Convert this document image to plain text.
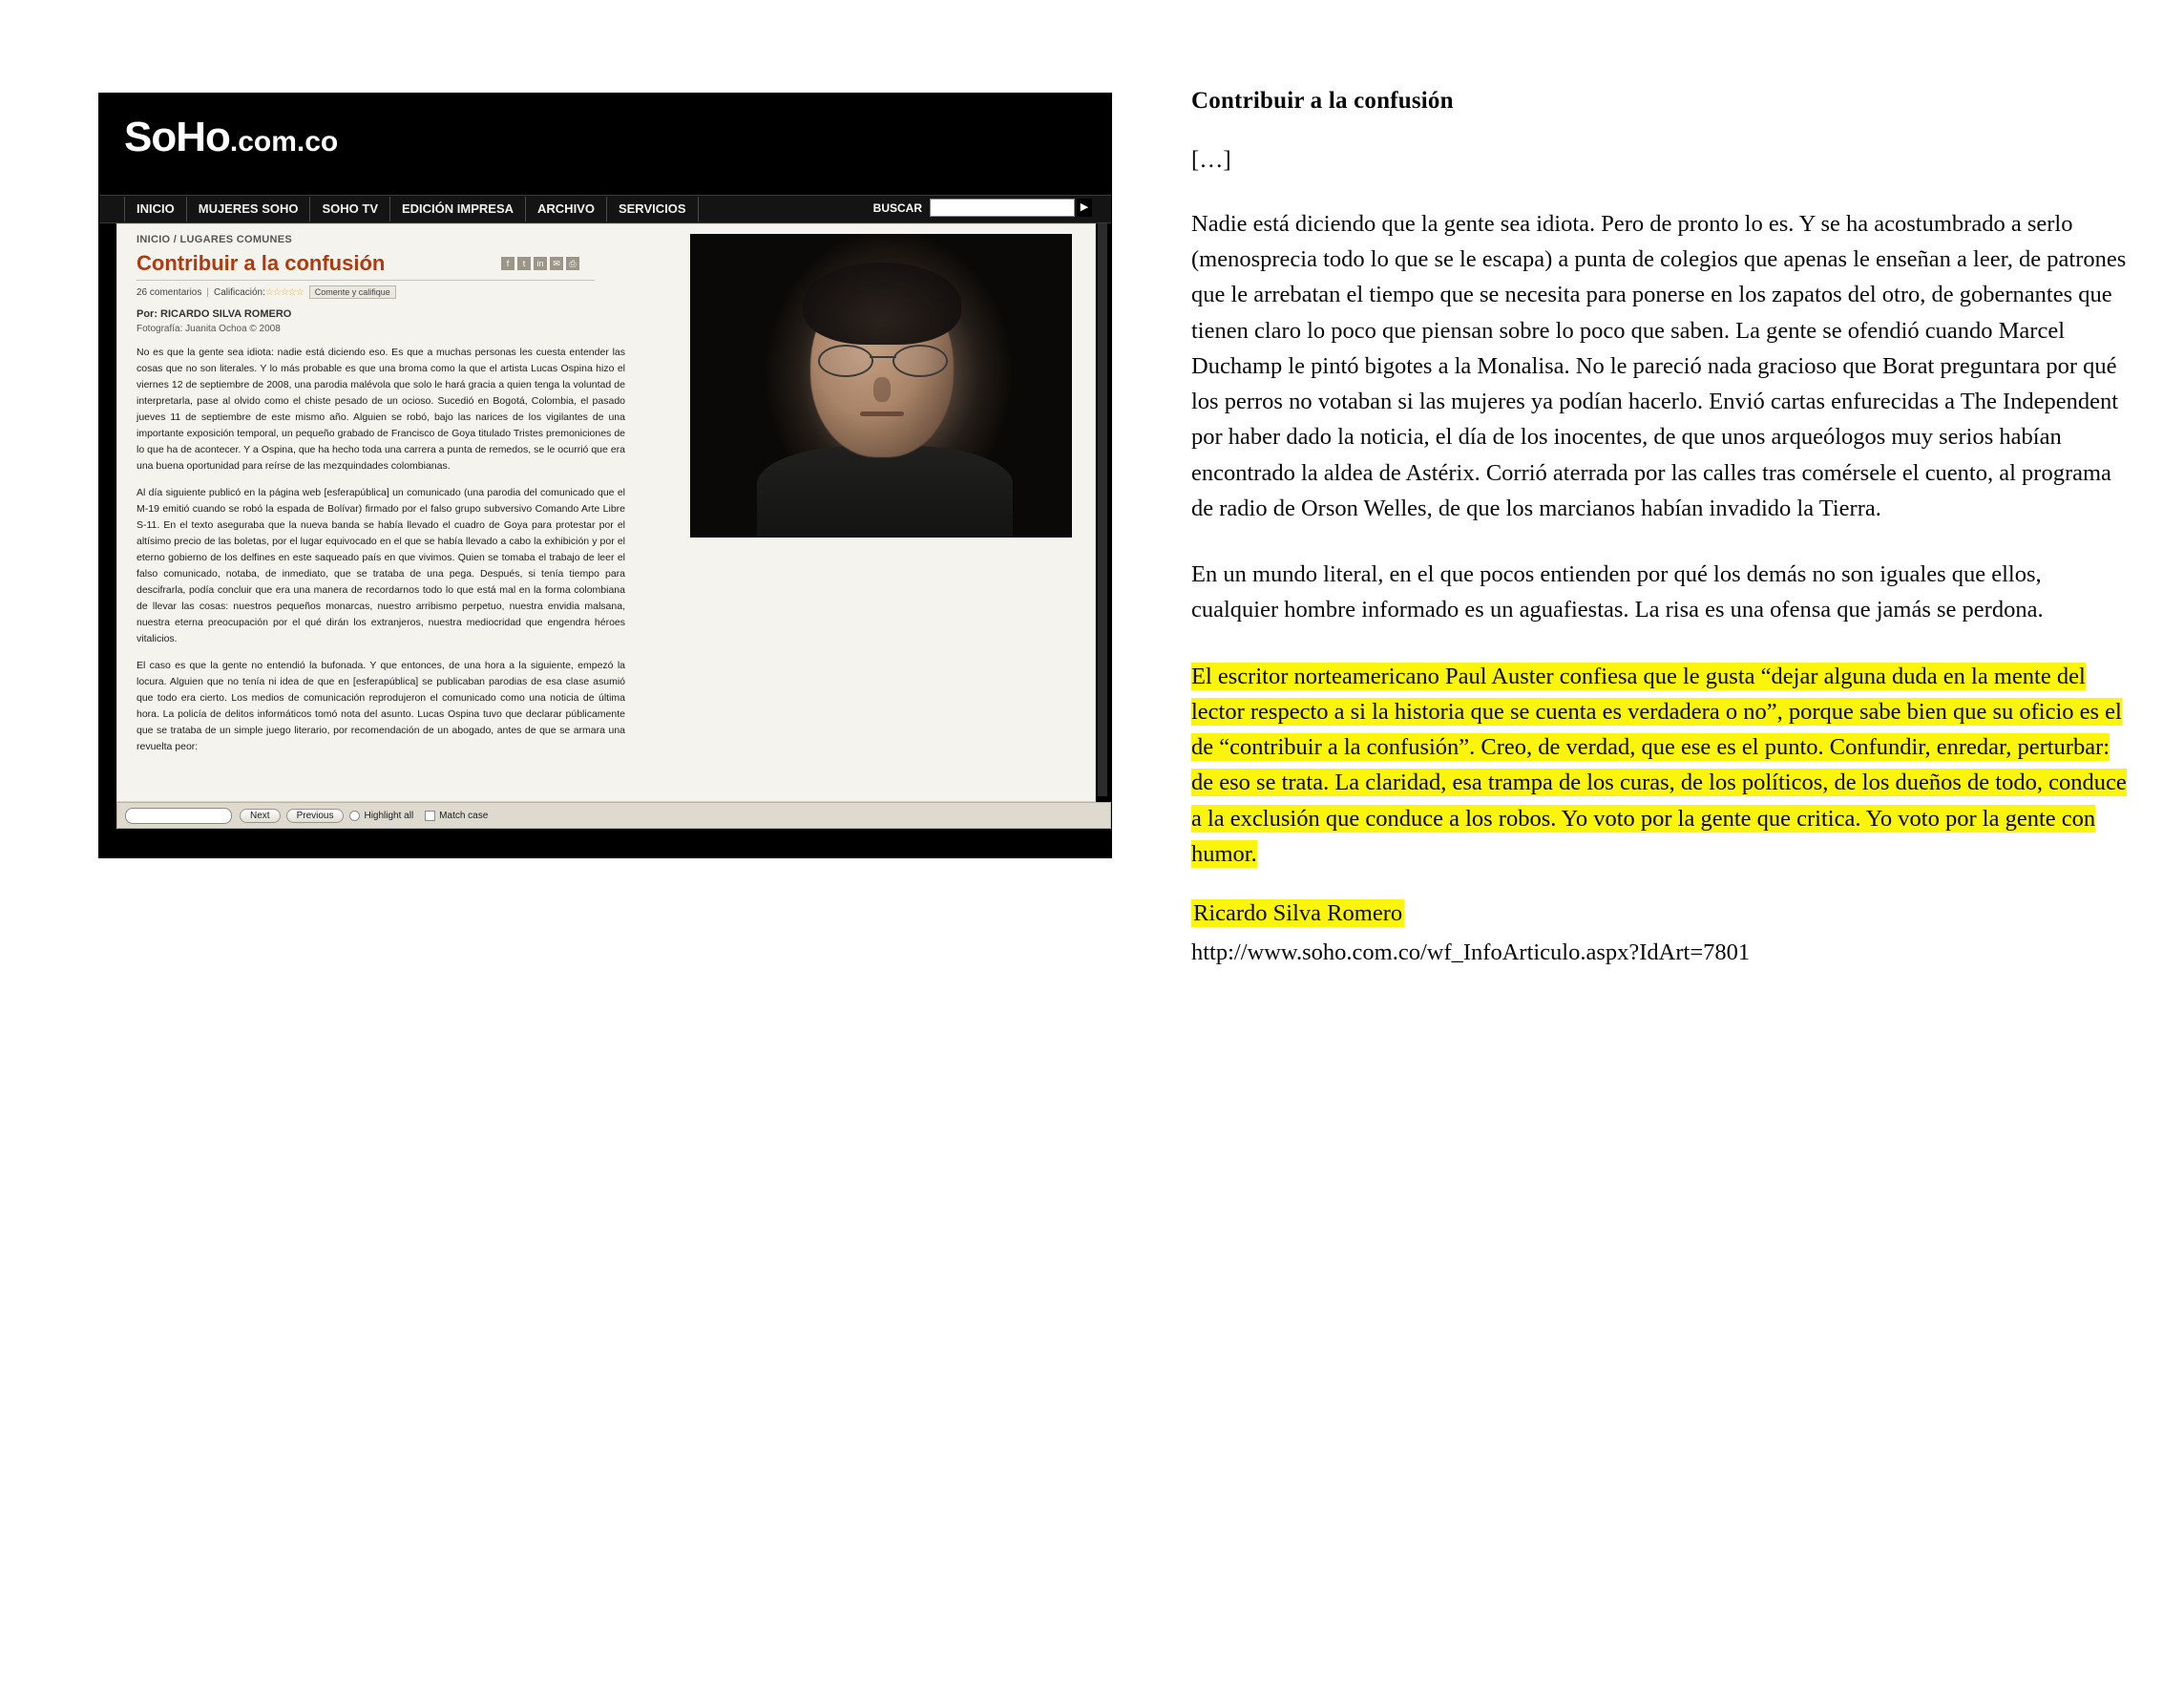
SoHo.com.co
INICIO	MUJERES SOHO	SOHO TV	EDICIÓN IMPRESA	ARCHIVO	SERVICIOS	BUSCAR	▶
INICIO / LUGARES COMUNES
Contribuir a la confusión	f	t	in	✉	⎙
26 comentarios | Calificación: ☆☆☆☆☆	Comente y califique
Por: RICARDO SILVA ROMERO
Fotografía: Juanita Ochoa © 2008

No es que la gente sea idiota: nadie está diciendo eso. Es que a muchas personas les cuesta entender las cosas que no son literales. Y lo más probable es que una broma como la que el artista Lucas Ospina hizo el viernes 12 de septiembre de 2008, una parodia malévola que solo le hará gracia a quien tenga la voluntad de interpretarla, pase al olvido como el chiste pesado de un ocioso. Sucedió en Bogotá, Colombia, el pasado jueves 11 de septiembre de este mismo año. Alguien se robó, bajo las narices de los vigilantes de una importante exposición temporal, un pequeño grabado de Francisco de Goya titulado Tristes premoniciones de lo que ha de acontecer. Y a Ospina, que ha hecho toda una carrera a punta de remedos, se le ocurrió que era una buena oportunidad para reírse de las mezquindades colombianas.

Al día siguiente publicó en la página web [esferapública] un comunicado (una parodia del comunicado que el M-19 emitió cuando se robó la espada de Bolívar) firmado por el falso grupo subversivo Comando Arte Libre S-11. En el texto aseguraba que la nueva banda se había llevado el cuadro de Goya para protestar por el altísimo precio de las boletas, por el lugar equivocado en el que se había llevado a cabo la exhibición y por el eterno gobierno de los delfines en este saqueado país en que vivimos. Quien se tomaba el trabajo de leer el falso comunicado, notaba, de inmediato, que se trataba de una pega. Después, si tenía tiempo para descifrarla, podía concluir que era una manera de recordarnos todo lo que está mal en la forma colombiana de llevar las cosas: nuestros pequeños monarcas, nuestro arribismo perpetuo, nuestra envidia malsana, nuestra eterna preocupación por el qué dirán los extranjeros, nuestra mediocridad que engendra héroes vitalicios.

El caso es que la gente no entendió la bufonada. Y que entonces, de una hora a la siguiente, empezó la locura. Alguien que no tenía ni idea de que en [esferapública] se publicaban parodias de esa clase asumió que todo era cierto. Los medios de comunicación reprodujeron el comunicado como una noticia de última hora. La policía de delitos informáticos tomó nota del asunto. Lucas Ospina tuvo que declarar públicamente que se trataba de un simple juego literario, por recomendación de un abogado, antes de que se armara una revuelta peor:

Next	Previous	Highlight all	Match case
Contribuir a la confusión
[…]

Nadie está diciendo que la gente sea idiota. Pero de pronto lo es. Y se ha acostumbrado a serlo (menosprecia todo lo que se le escapa) a punta de colegios que apenas le enseñan a leer, de patrones que le arrebatan el tiempo que se necesita para ponerse en los zapatos del otro, de gobernantes que tienen claro lo poco que piensan sobre lo poco que saben. La gente se ofendió cuando Marcel Duchamp le pintó bigotes a la Monalisa. No le pareció nada gracioso que Borat preguntara por qué los perros no votaban si las mujeres ya podían hacerlo. Envió cartas enfurecidas a The Independent por haber dado la noticia, el día de los inocentes, de que unos arqueólogos muy serios habían encontrado la aldea de Astérix. Corrió aterrada por las calles tras comérsele el cuento, al programa de radio de Orson Welles, de que los marcianos habían invadido la Tierra.

En un mundo literal, en el que pocos entienden por qué los demás no son iguales que ellos, cualquier hombre informado es un aguafiestas. La risa es una ofensa que jamás se perdona.

El escritor norteamericano Paul Auster confiesa que le gusta “dejar alguna duda en la mente del lector respecto a si la historia que se cuenta es verdadera o no”, porque sabe bien que su oficio es el de “contribuir a la confusión”. Creo, de verdad, que ese es el punto. Confundir, enredar, perturbar: de eso se trata. La claridad, esa trampa de los curas, de los políticos, de los dueños de todo, conduce a la exclusión que conduce a los robos. Yo voto por la gente que critica. Yo voto por la gente con humor.

Ricardo Silva Romero

http://www.soho.com.co/wf_InfoArticulo.aspx?IdArt=7801
